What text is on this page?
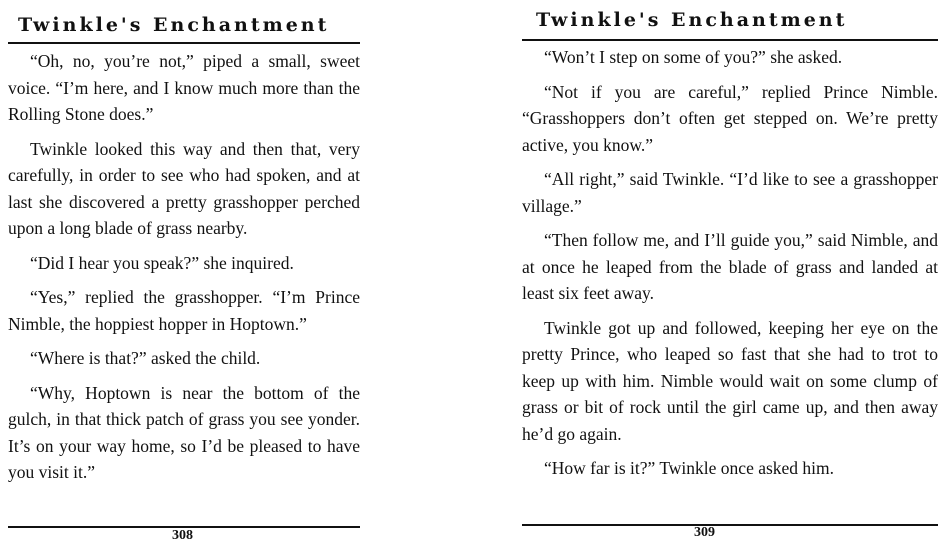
Twinkle's Enchantment

“Oh, no, you’re not,” piped a small, sweet voice. “I’m here, and I know much more than the Rolling Stone does.”

Twinkle looked this way and then that, very carefully, in order to see who had spoken, and at last she discovered a pretty grasshopper perched upon a long blade of grass nearby.

“Did I hear you speak?” she inquired.

“Yes,” replied the grasshopper. “I’m Prince Nimble, the hoppiest hopper in Hoptown.”

“Where is that?” asked the child.

“Why, Hoptown is near the bottom of the gulch, in that thick patch of grass you see yonder. It’s on your way home, so I’d be pleased to have you visit it.”

308
Twinkle's Enchantment

“Won’t I step on some of you?” she asked.

“Not if you are careful,” replied Prince Nimble. “Grasshoppers don’t often get stepped on. We’re pretty active, you know.”

“All right,” said Twinkle. “I’d like to see a grasshopper village.”

“Then follow me, and I’ll guide you,” said Nimble, and at once he leaped from the blade of grass and landed at least six feet away.

Twinkle got up and followed, keeping her eye on the pretty Prince, who leaped so fast that she had to trot to keep up with him. Nimble would wait on some clump of grass or bit of rock until the girl came up, and then away he’d go again.

“How far is it?” Twinkle once asked him.

309
